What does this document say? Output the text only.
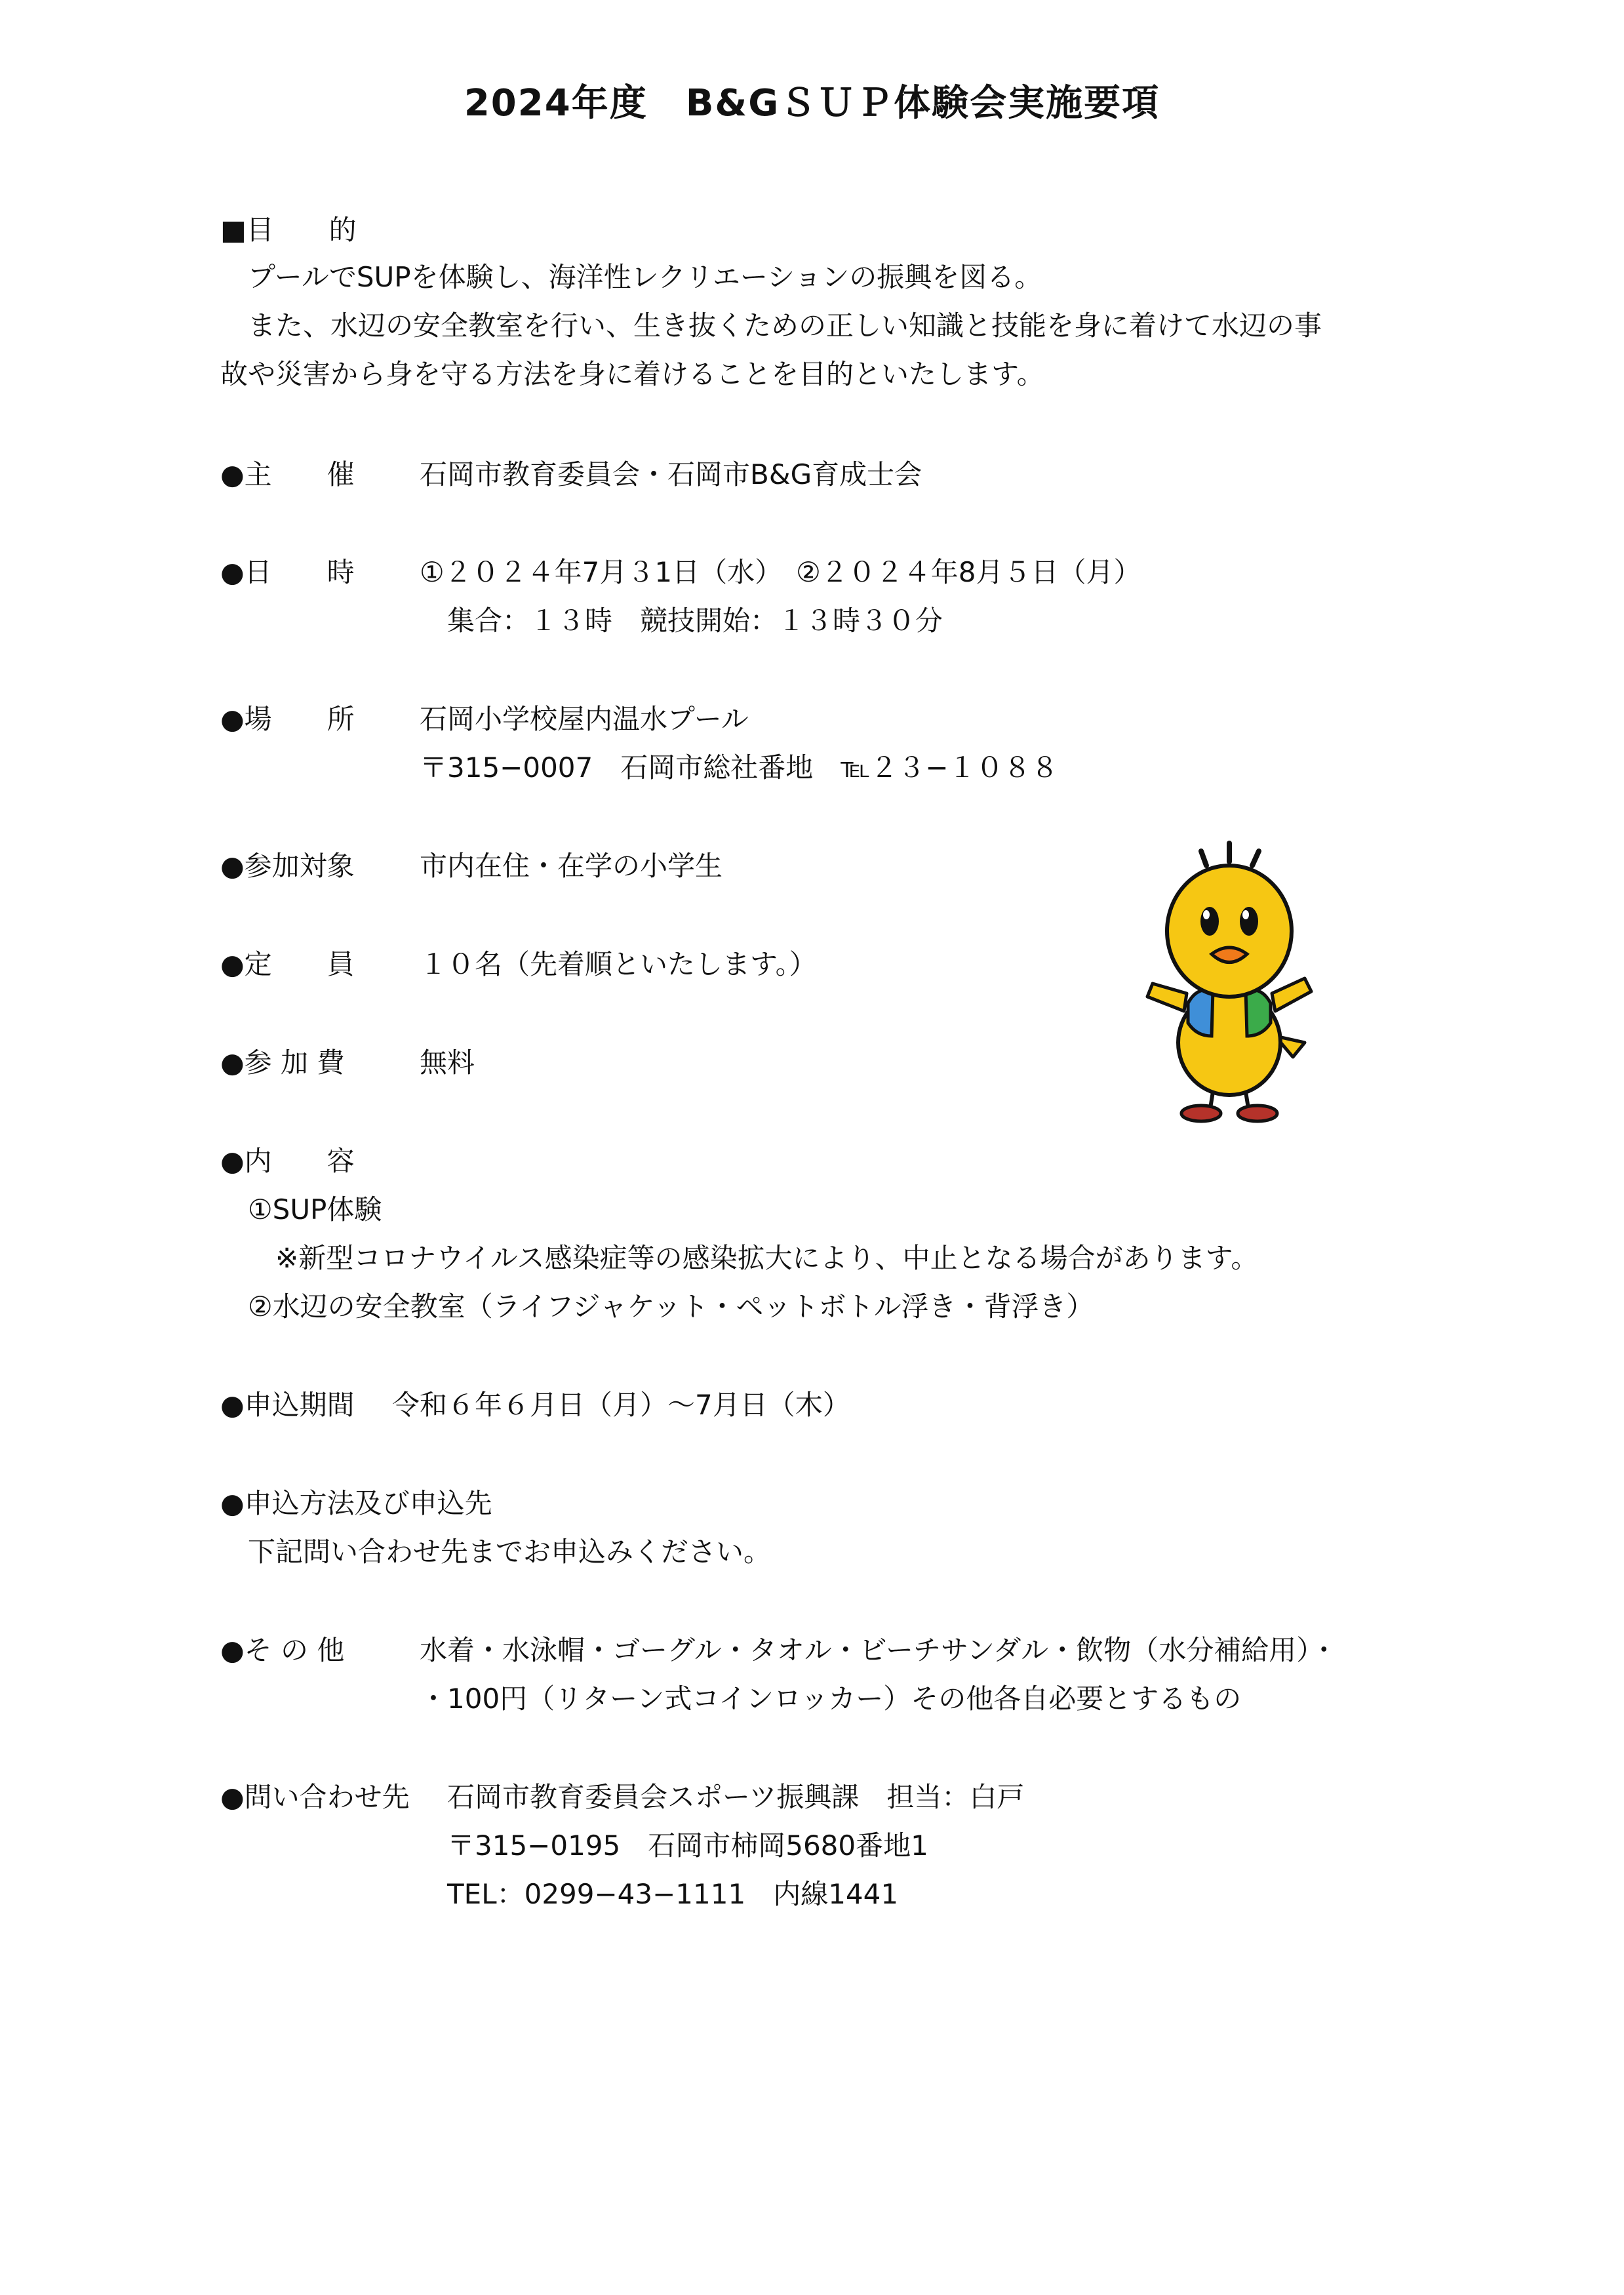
2024年度　B&GＳＵＰ体験会実施要項
■目　　的
プールでSUPを体験し、海洋性レクリエーションの振興を図る。
また、水辺の安全教室を行い、生き抜くための正しい知識と技能を身に着けて水辺の事
故や災害から身を守る方法を身に着けることを目的といたします。
●主　　催 石岡市教育委員会・石岡市B&G育成士会
●日　　時 ①２０２４年7月３1日（水）　②２０２４年8月５日（月）
集合：１３時　競技開始：１３時３０分
●場　　所 石岡小学校屋内温水プール
〒315−0007　石岡市総社番地　℡２３−１０８８
●参加対象 市内在住・在学の小学生
●定　　員 １０名（先着順といたします。）
●参 加 費	無料
●内　　容
①SUP体験
※新型コロナウイルス感染症等の感染拡大により、中止となる場合があります。
②水辺の安全教室（ライフジャケット・ペットボトル浮き・背浮き）
●申込期間 令和６年６月日（月）〜7月日（木）
●申込方法及び申込先
下記問い合わせ先までお申込みください。
●そ の 他	水着・水泳帽・ゴーグル・タオル・ビーチサンダル・飲物（水分補給用）・
・100円（リターン式コインロッカー）その他各自必要とするもの
●問い合わせ先 石岡市教育委員会スポーツ振興課　担当：白戸
〒315−0195　石岡市柿岡5680番地1
TEL：0299−43−1111　内線1441
